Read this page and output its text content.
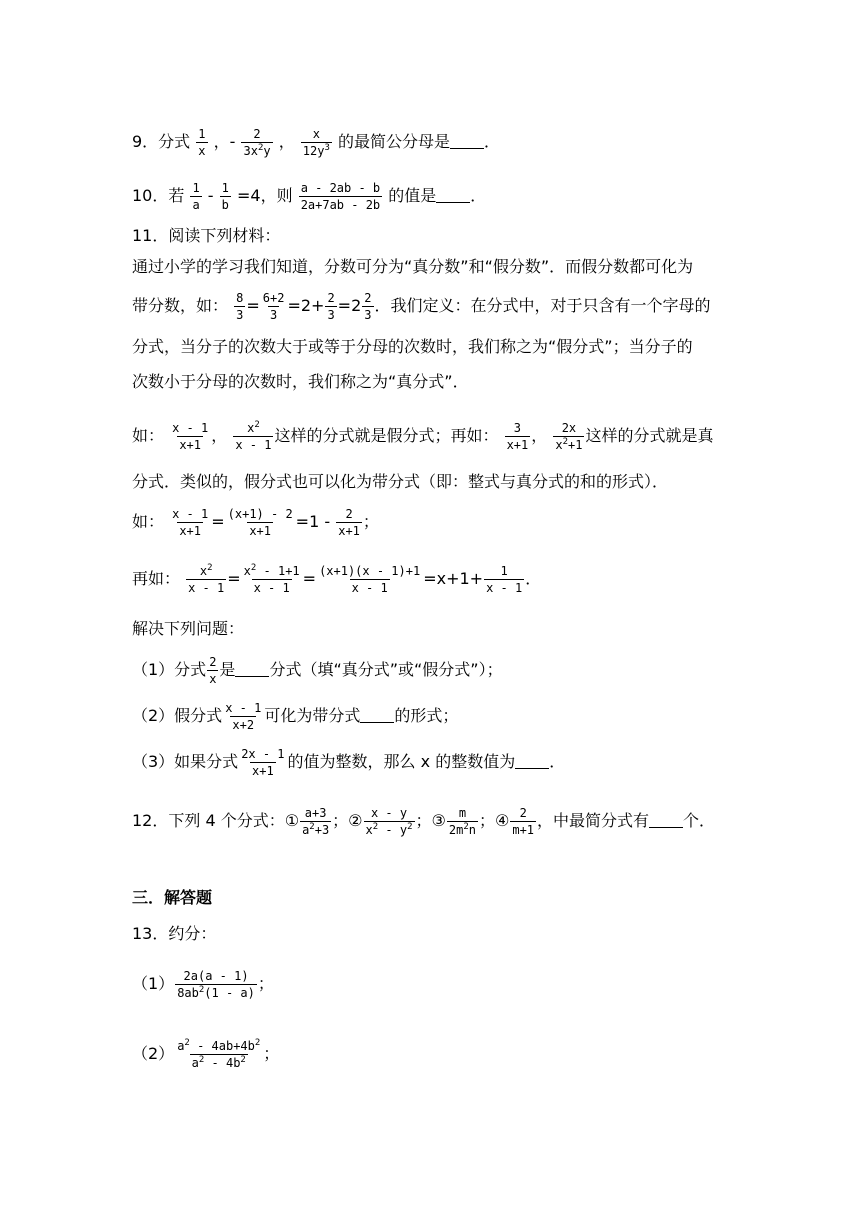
9．分式 $\frac{1}{x}$ ，- $\frac{2}{3x^2y}$ ， $\frac{x}{12y^3}$ 的最简公分母是 ．
10．若 $\frac{1}{a} - \frac{1}{b} =4$，则 $\frac{a - 2ab - b}{2a+7ab - 2b}$ 的值是 ．
11．阅读下列材料：
通过小学的学习我们知道，分数可分为“真分数”和“假分数”．而假分数都可化为
带分数，如： $\frac{8}{3} = \frac{6+2}{3} =2+ \frac{2}{3} =2 \frac{2}{3}$ ．我们定义：在分式中，对于只含有一个字母的
分式，当分子的次数大于或等于分母的次数时，我们称之为“假分式”；当分子的
次数小于分母的次数时，我们称之为“真分式”．
如： $\frac{x - 1}{x+1}$ ， $\frac{x^2}{x - 1}$ 这样的分式就是假分式；再如： $\frac{3}{x+1}$ ， $\frac{2x}{x^2+1}$ 这样的分式就是真
分式．类似的，假分式也可以化为带分式（即：整式与真分式的和的形式）．
如： $\frac{x - 1}{x+1} = \frac{(x+1) - 2}{x+1} =1 - \frac{2}{x+1}$ ；
再如： $\frac{x^2}{x - 1} = \frac{x^2 - 1+1}{x - 1} = \frac{(x+1)(x - 1)+1}{x - 1} =x+1+ \frac{1}{x - 1}$ ．
解决下列问题：
（1）分式 $\frac{2}{x}$ 是 分式（填“真分式”或“假分式”）；
（2）假分式 $\frac{x - 1}{x+2}$ 可化为带分式 的形式；
（3）如果分式 $\frac{2x - 1}{x+1}$ 的值为整数，那么 x 的整数值为 ．
12．下列 4 个分式：① $\frac{a+3}{a^2+3}$ ；② $\frac{x - y}{x^2 - y^2}$ ；③ $\frac{m}{2m^2n}$ ；④ $\frac{2}{m+1}$ ，中最简分式有 个．
三．解答题
13．约分：
$(1) \frac{2a(a - 1)}{8ab^2(1 - a)}$ ；
$(2) \frac{a^2 - 4ab+4b^2}{a^2 - 4b^2}$ ；
